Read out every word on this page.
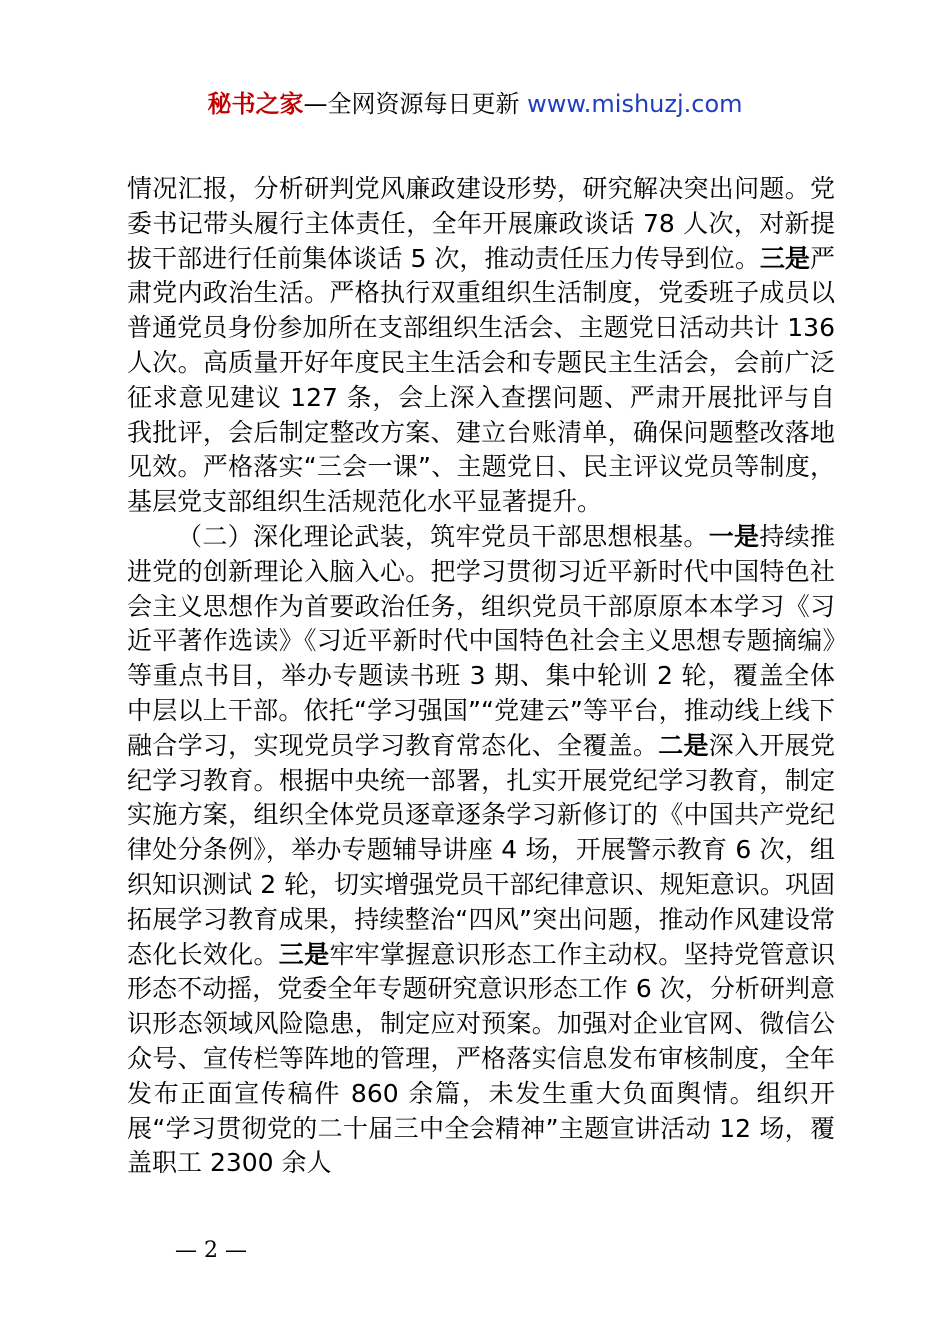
秘书之家—全网资源每日更新 www.mishuzj.com

情况汇报，分析研判党风廉政建设形势，研究解决突出问题。党委书记带头履行主体责任，全年开展廉政谈话 78 人次，对新提拔干部进行任前集体谈话 5 次，推动责任压力传导到位。三是严肃党内政治生活。严格执行双重组织生活制度，党委班子成员以普通党员身份参加所在支部组织生活会、主题党日活动共计 136 人次。高质量开好年度民主生活会和专题民主生活会，会前广泛征求意见建议 127 条，会上深入查摆问题、严肃开展批评与自我批评，会后制定整改方案、建立台账清单，确保问题整改落地见效。严格落实“三会一课”、主题党日、民主评议党员等制度，基层党支部组织生活规范化水平显著提升。

（二）深化理论武装，筑牢党员干部思想根基。一是持续推进党的创新理论入脑入心。把学习贯彻习近平新时代中国特色社会主义思想作为首要政治任务，组织党员干部原原本本学习《习近平著作选读》《习近平新时代中国特色社会主义思想专题摘编》等重点书目，举办专题读书班 3 期、集中轮训 2 轮，覆盖全体中层以上干部。依托“学习强国”“党建云”等平台，推动线上线下融合学习，实现党员学习教育常态化、全覆盖。二是深入开展党纪学习教育。根据中央统一部署，扎实开展党纪学习教育，制定实施方案，组织全体党员逐章逐条学习新修订的《中国共产党纪律处分条例》，举办专题辅导讲座 4 场，开展警示教育 6 次，组织知识测试 2 轮，切实增强党员干部纪律意识、规矩意识。巩固拓展学习教育成果，持续整治“四风”突出问题，推动作风建设常态化长效化。三是牢牢掌握意识形态工作主动权。坚持党管意识形态不动摇，党委全年专题研究意识形态工作 6 次，分析研判意识形态领域风险隐患，制定应对预案。加强对企业官网、微信公众号、宣传栏等阵地的管理，严格落实信息发布审核制度，全年发布正面宣传稿件 860 余篇，未发生重大负面舆情。组织开展“学习贯彻党的二十届三中全会精神”主题宣讲活动 12 场，覆盖职工 2300 余人

— 2 —
